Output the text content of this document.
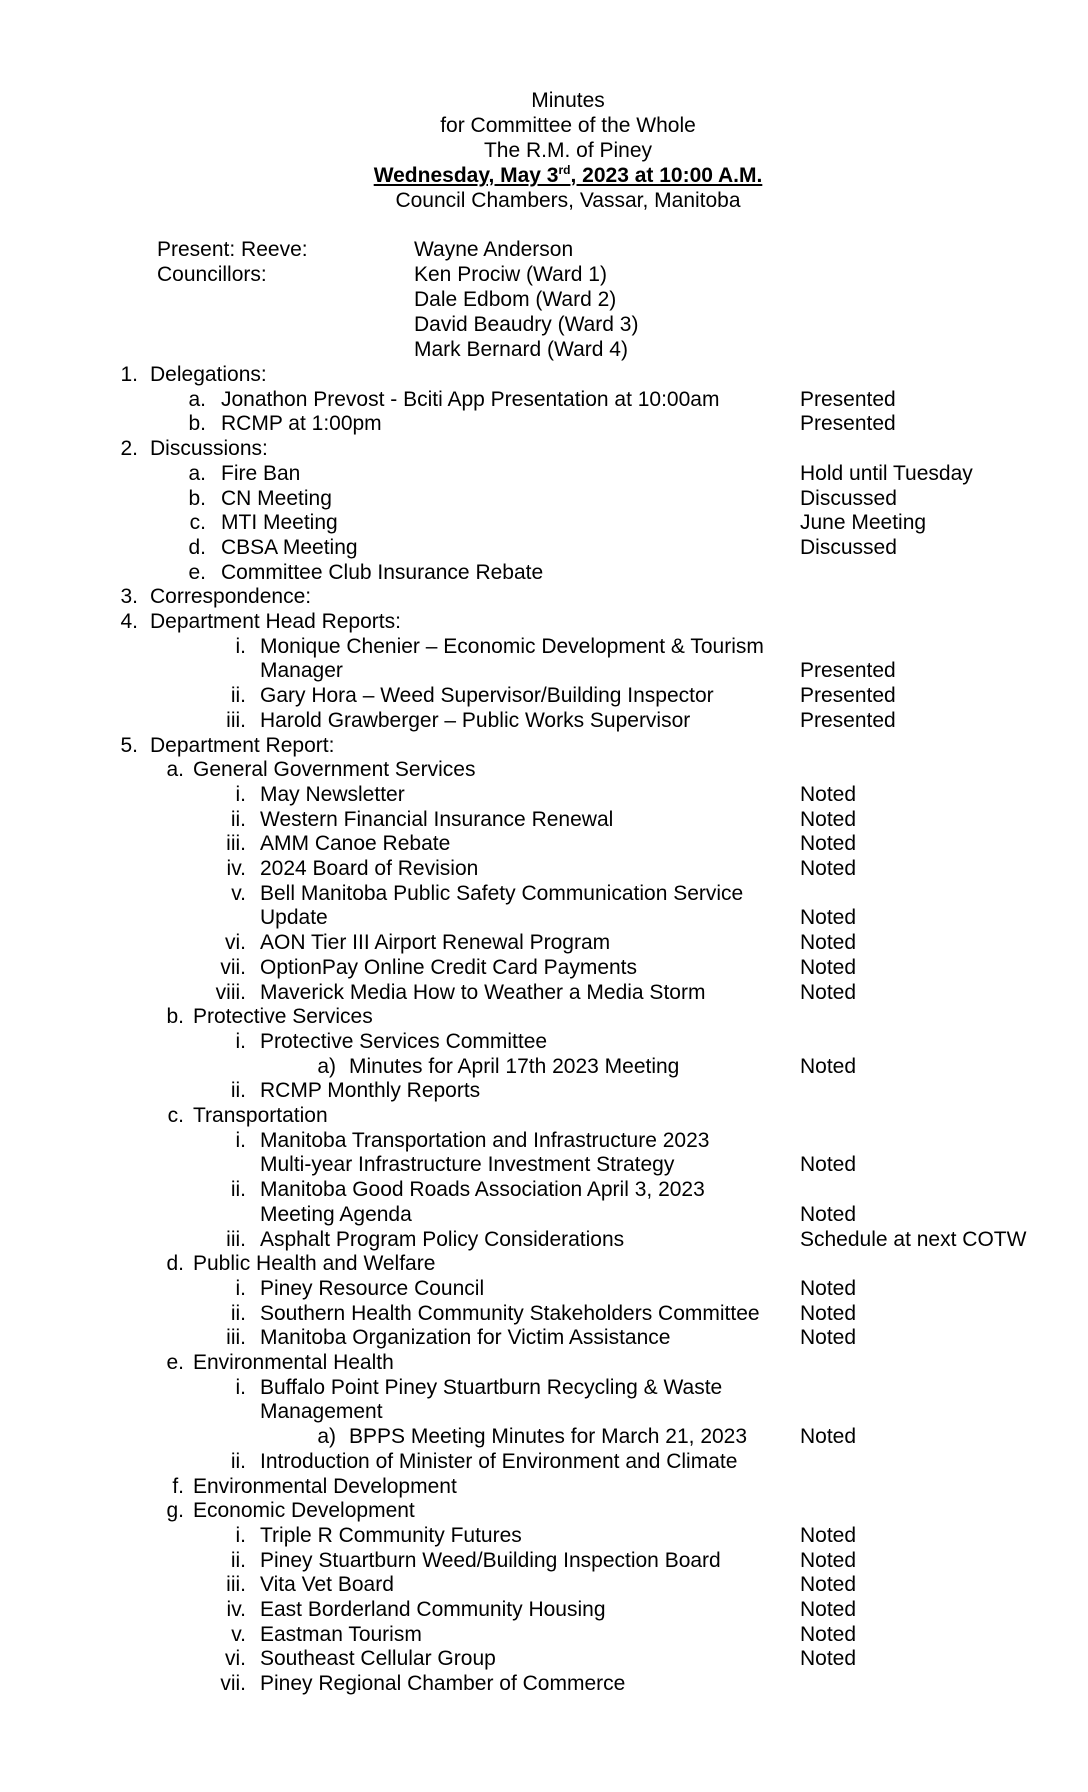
Minutes
for Committee of the Whole
The R.M. of Piney
Wednesday, May 3rd, 2023 at 10:00 A.M.
Council Chambers, Vassar, Manitoba
Present: Reeve:	Wayne Anderson
Councillors:	Ken Prociw (Ward 1)
Dale Edbom (Ward 2)
David Beaudry (Ward 3)
Mark Bernard (Ward 4)
1. Delegations:
a. Jonathon Prevost - Bciti App Presentation at 10:00am	Presented
b. RCMP at 1:00pm	Presented
2. Discussions:
a. Fire Ban	Hold until Tuesday
b. CN Meeting	Discussed
c. MTI Meeting	June Meeting
d. CBSA Meeting	Discussed
e. Committee Club Insurance Rebate
3. Correspondence:
4. Department Head Reports:
i. Monique Chenier – Economic Development & Tourism
Manager	Presented
ii. Gary Hora – Weed Supervisor/Building Inspector	Presented
iii. Harold Grawberger – Public Works Supervisor	Presented
5. Department Report:
a. General Government Services
i. May Newsletter	Noted
ii. Western Financial Insurance Renewal	Noted
iii. AMM Canoe Rebate	Noted
iv. 2024 Board of Revision	Noted
v. Bell Manitoba Public Safety Communication Service
Update	Noted
vi. AON Tier III Airport Renewal Program	Noted
vii. OptionPay Online Credit Card Payments	Noted
viii. Maverick Media How to Weather a Media Storm	Noted
b. Protective Services
i. Protective Services Committee
a) Minutes for April 17th 2023 Meeting	Noted
ii. RCMP Monthly Reports
c. Transportation
i. Manitoba Transportation and Infrastructure 2023
Multi-year Infrastructure Investment Strategy	Noted
ii. Manitoba Good Roads Association April 3, 2023
Meeting Agenda	Noted
iii. Asphalt Program Policy Considerations	Schedule at next COTW
d. Public Health and Welfare
i. Piney Resource Council	Noted
ii. Southern Health Community Stakeholders Committee Noted
iii. Manitoba Organization for Victim Assistance	Noted
e. Environmental Health
i. Buffalo Point Piney Stuartburn Recycling & Waste
Management
a) BPPS Meeting Minutes for March 21, 2023	Noted
ii. Introduction of Minister of Environment and Climate
f. Environmental Development
g. Economic Development
i. Triple R Community Futures	Noted
ii. Piney Stuartburn Weed/Building Inspection Board	Noted
iii. Vita Vet Board	Noted
iv. East Borderland Community Housing	Noted
v. Eastman Tourism	Noted
vi. Southeast Cellular Group	Noted
vii. Piney Regional Chamber of Commerce
